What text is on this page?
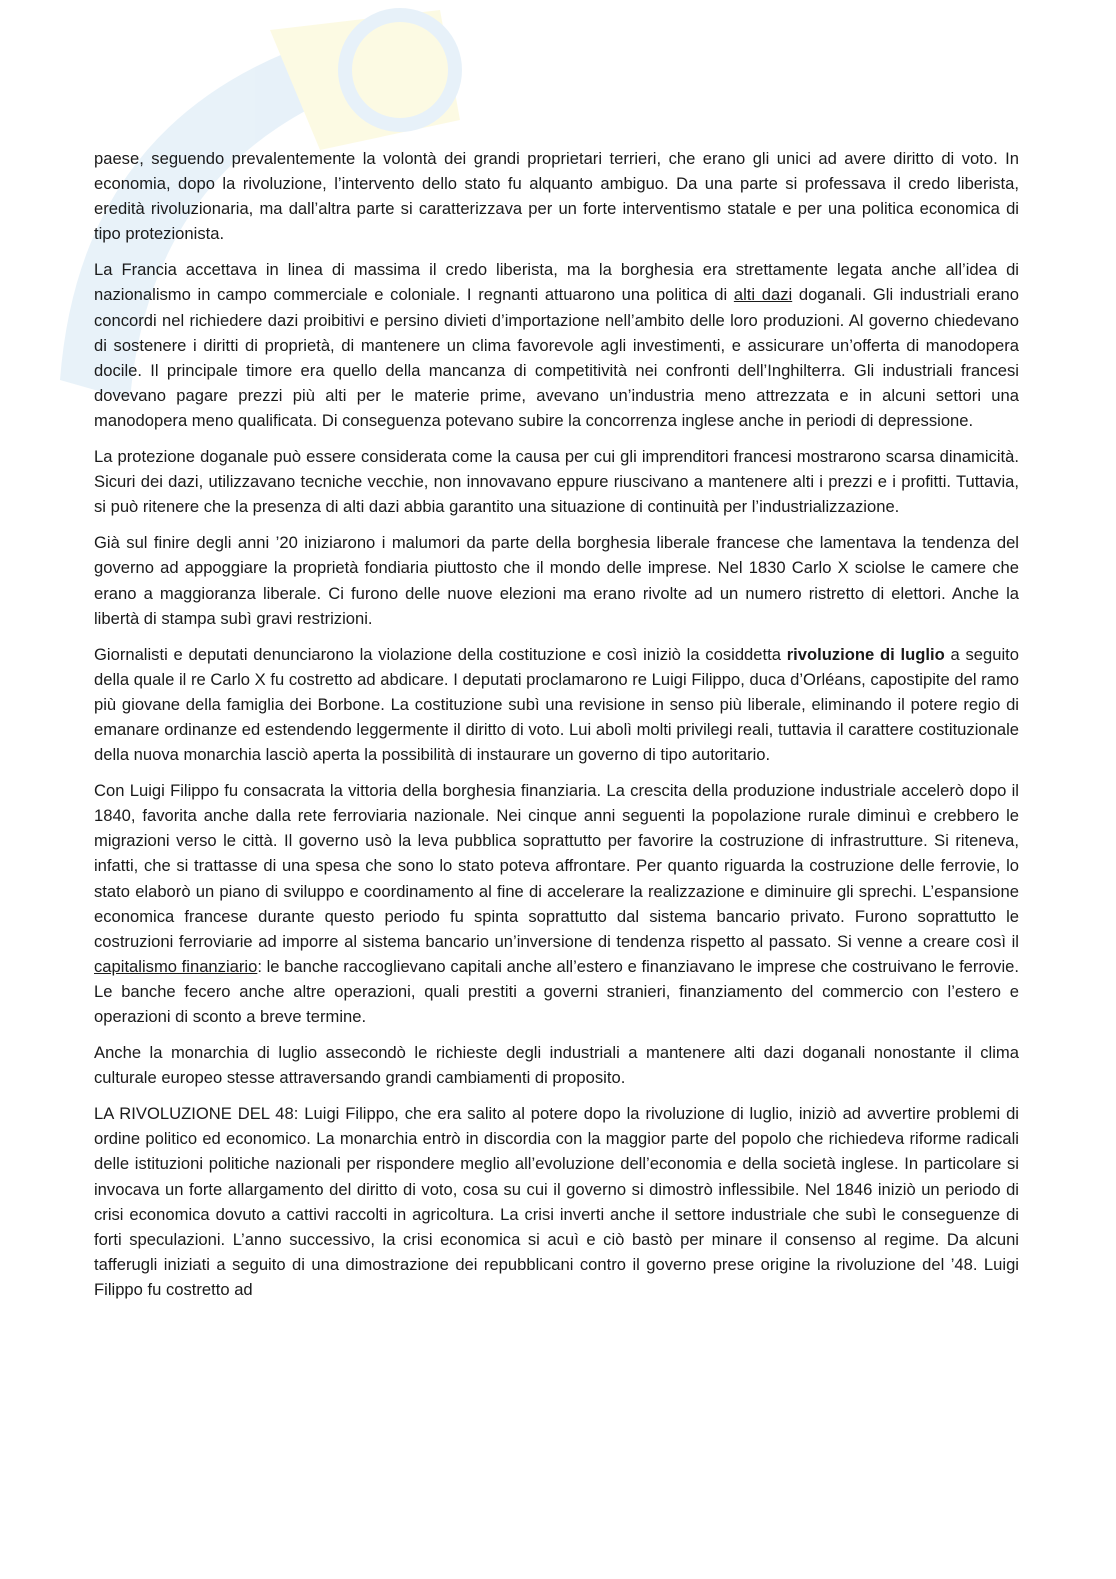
paese, seguendo prevalentemente la volontà dei grandi proprietari terrieri, che erano gli unici ad avere diritto di voto. In economia, dopo la rivoluzione, l’intervento dello stato fu alquanto ambiguo. Da una parte si professava il credo liberista, eredità rivoluzionaria, ma dall’altra parte si caratterizzava per un forte interventismo statale e per una politica economica di tipo protezionista.

La Francia accettava in linea di massima il credo liberista, ma la borghesia era strettamente legata anche all’idea di nazionalismo in campo commerciale e coloniale. I regnanti attuarono una politica di alti dazi doganali. Gli industriali erano concordi nel richiedere dazi proibitivi e persino divieti d’importazione nell’ambito delle loro produzioni. Al governo chiedevano di sostenere i diritti di proprietà, di mantenere un clima favorevole agli investimenti, e assicurare un’offerta di manodopera docile. Il principale timore era quello della mancanza di competitività nei confronti dell’Inghilterra. Gli industriali francesi dovevano pagare prezzi più alti per le materie prime, avevano un’industria meno attrezzata e in alcuni settori una manodopera meno qualificata. Di conseguenza potevano subire la concorrenza inglese anche in periodi di depressione.

La protezione doganale può essere considerata come la causa per cui gli imprenditori francesi mostrarono scarsa dinamicità. Sicuri dei dazi, utilizzavano tecniche vecchie, non innovavano eppure riuscivano a mantenere alti i prezzi e i profitti. Tuttavia, si può ritenere che la presenza di alti dazi abbia garantito una situazione di continuità per l’industrializzazione.

Già sul finire degli anni ’20 iniziarono i malumori da parte della borghesia liberale francese che lamentava la tendenza del governo ad appoggiare la proprietà fondiaria piuttosto che il mondo delle imprese. Nel 1830 Carlo X sciolse le camere che erano a maggioranza liberale. Ci furono delle nuove elezioni ma erano rivolte ad un numero ristretto di elettori. Anche la libertà di stampa subì gravi restrizioni.

Giornalisti e deputati denunciarono la violazione della costituzione e così iniziò la cosiddetta rivoluzione di luglio a seguito della quale il re Carlo X fu costretto ad abdicare. I deputati proclamarono re Luigi Filippo, duca d’Orléans, capostipite del ramo più giovane della famiglia dei Borbone. La costituzione subì una revisione in senso più liberale, eliminando il potere regio di emanare ordinanze ed estendendo leggermente il diritto di voto. Lui abolì molti privilegi reali, tuttavia il carattere costituzionale della nuova monarchia lasciò aperta la possibilità di instaurare un governo di tipo autoritario.

Con Luigi Filippo fu consacrata la vittoria della borghesia finanziaria. La crescita della produzione industriale accelerò dopo il 1840, favorita anche dalla rete ferroviaria nazionale. Nei cinque anni seguenti la popolazione rurale diminuì e crebbero le migrazioni verso le città. Il governo usò la leva pubblica soprattutto per favorire la costruzione di infrastrutture. Si riteneva, infatti, che si trattasse di una spesa che sono lo stato poteva affrontare. Per quanto riguarda la costruzione delle ferrovie, lo stato elaborò un piano di sviluppo e coordinamento al fine di accelerare la realizzazione e diminuire gli sprechi. L’espansione economica francese durante questo periodo fu spinta soprattutto dal sistema bancario privato. Furono soprattutto le costruzioni ferroviarie ad imporre al sistema bancario un’inversione di tendenza rispetto al passato. Si venne a creare così il capitalismo finanziario: le banche raccoglievano capitali anche all’estero e finanziavano le imprese che costruivano le ferrovie. Le banche fecero anche altre operazioni, quali prestiti a governi stranieri, finanziamento del commercio con l’estero e operazioni di sconto a breve termine.

Anche la monarchia di luglio assecondò le richieste degli industriali a mantenere alti dazi doganali nonostante il clima culturale europeo stesse attraversando grandi cambiamenti di proposito.

LA RIVOLUZIONE DEL 48: Luigi Filippo, che era salito al potere dopo la rivoluzione di luglio, iniziò ad avvertire problemi di ordine politico ed economico. La monarchia entrò in discordia con la maggior parte del popolo che richiedeva riforme radicali delle istituzioni politiche nazionali per rispondere meglio all’evoluzione dell’economia e della società inglese. In particolare si invocava un forte allargamento del diritto di voto, cosa su cui il governo si dimostrò inflessibile. Nel 1846 iniziò un periodo di crisi economica dovuto a cattivi raccolti in agricoltura. La crisi inverti anche il settore industriale che subì le conseguenze di forti speculazioni. L’anno successivo, la crisi economica si acuì e ciò bastò per minare il consenso al regime. Da alcuni tafferugli iniziati a seguito di una dimostrazione dei repubblicani contro il governo prese origine la rivoluzione del ’48. Luigi Filippo fu costretto ad
